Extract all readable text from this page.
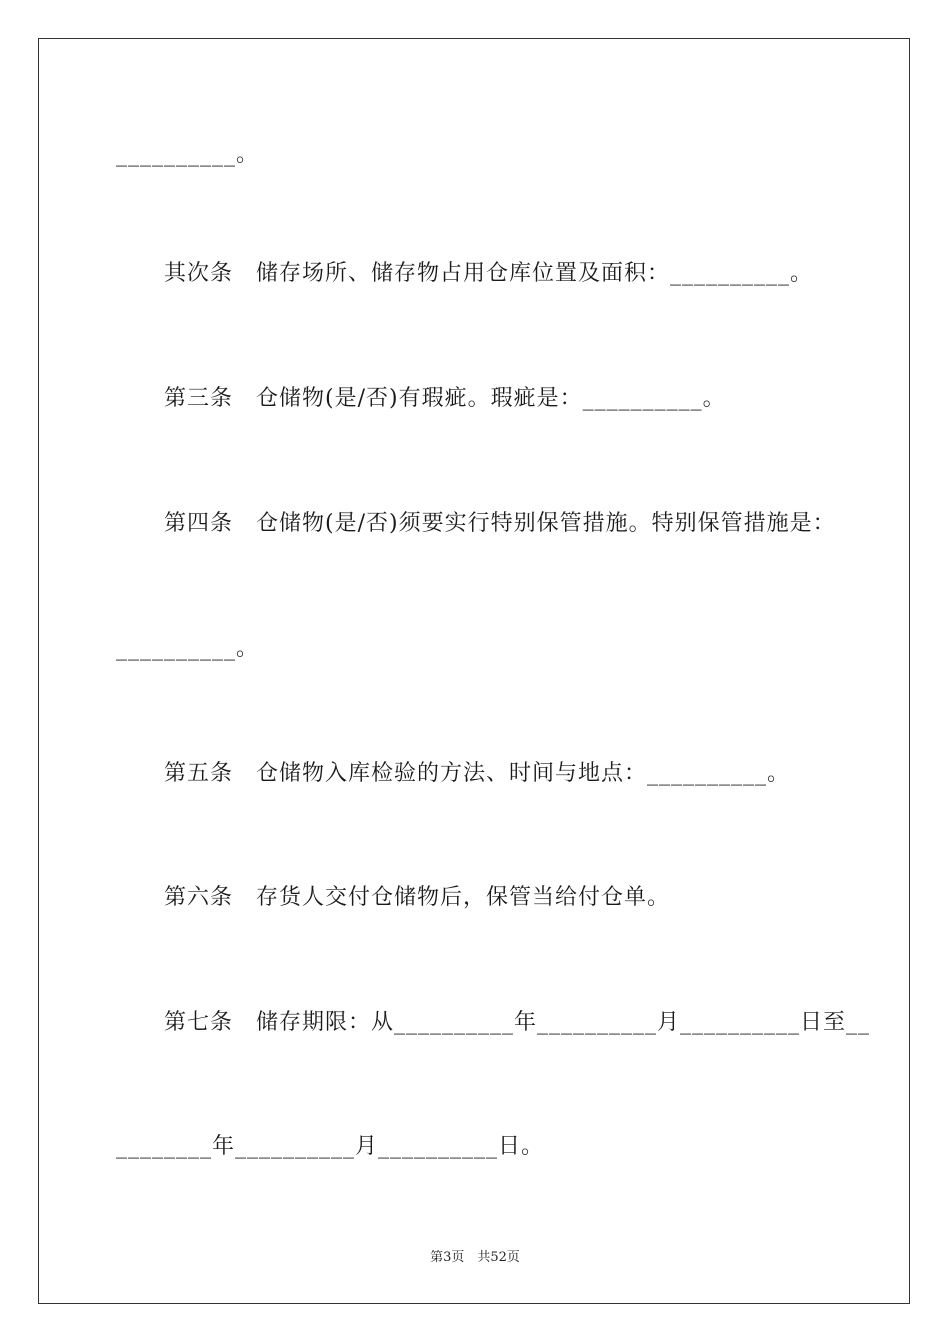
__________。
其次条　储存场所、储存物占用仓库位置及面积：__________。
第三条　仓储物(是/否)有瑕疵。瑕疵是：__________。
第四条　仓储物(是/否)须要实行特别保管措施。特别保管措施是：
__________。
第五条　仓储物入库检验的方法、时间与地点：__________。
第六条　存货人交付仓储物后，保管当给付仓单。
第七条　储存期限：从__________年__________月__________日至__
________年__________月__________日。
第3页　共52页
